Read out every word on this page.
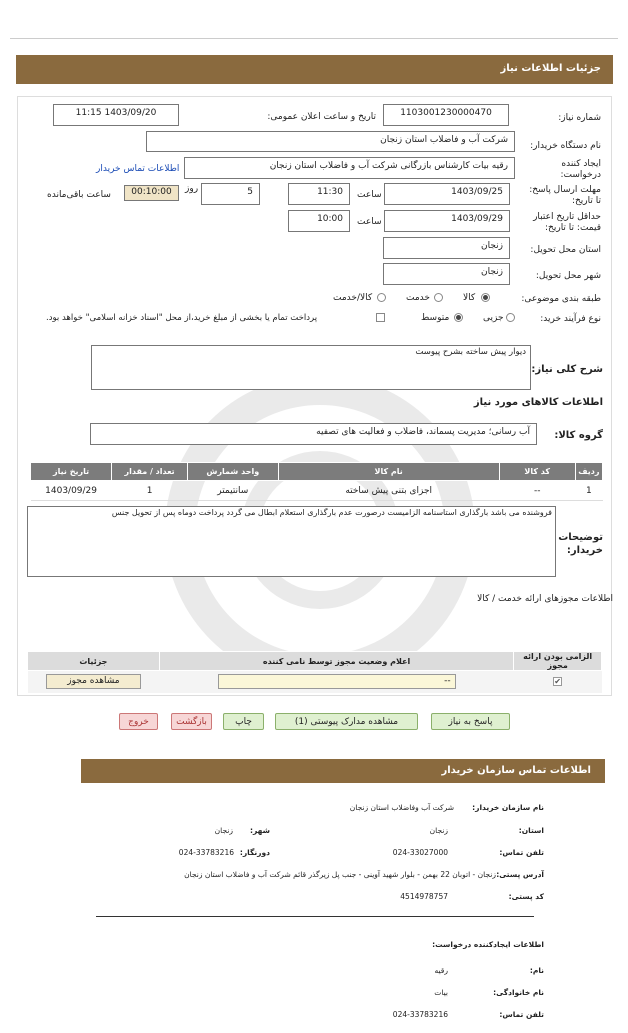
جزئیات اطلاعات نیاز
شماره نیاز:
1103001230000470
تاریخ و ساعت اعلان عمومی:
1403/09/20 11:15
نام دستگاه خریدار:
شرکت آب و فاضلاب استان زنجان
ایجاد کننده
درخواست:
رقیه بیات کارشناس بازرگانی شرکت آب و فاضلاب استان زنجان
اطلاعات تماس خریدار
مهلت ارسال پاسخ:
تا تاریخ:
1403/09/25
ساعت
11:30
5
روز
00:10:00
ساعت باقی‌مانده
حداقل تاریخ اعتبار
قیمت: تا تاریخ:
1403/09/29
ساعت
10:00
استان محل تحویل:
زنجان
شهر محل تحویل:
زنجان
طبقه بندی موضوعی:
کالا
خدمت
کالا/خدمت
نوع فرآیند خرید:
جزیی
متوسط
پرداخت تمام یا بخشی از مبلغ خرید،از محل "اسناد خزانه اسلامی" خواهد بود.
شرح کلی نیاز:
دیوار پیش ساخته بشرح پیوست
اطلاعات کالاهای مورد نیاز
گروه کالا:
آب رسانی؛ مدیریت پسماند، فاضلاب و فعالیت های تصفیه
ردیف	کد کالا	نام کالا	واحد شمارش	تعداد / مقدار	تاریخ نیاز
1	--	اجزای بتنی پیش ساخته	سانتیمتر	1	1403/09/29
توضیحات
خریدار:
فروشنده می باشد بارگذاری استاسنامه الزامیست درصورت عدم بارگذاری استعلام ابطال می گردد پرداخت دوماه پس از تحویل جنس
اطلاعات مجوزهای ارائه خدمت / کالا
الزامی بودن ارائه مجوز	اعلام وضعیت مجوز توسط نامی کننده	جزئیات
✔	--	مشاهده مجوز
پاسخ به نیاز
مشاهده مدارک پیوستی (1)
چاپ
بازگشت
خروج
اطلاعات تماس سازمان خریدار
نام سازمان خریدار:
شرکت آب وفاضلاب استان زنجان
استان:
زنجان
شهر:
زنجان
تلفن تماس:
024-33027000
دورنگار:
024-33783216
آدرس پستی:
زنجان - اتوبان 22 بهمن - بلوار شهید آوینی - جنب پل زیرگذر قائم شرکت آب و فاضلاب استان زنجان
کد پستی:
4514978757
اطلاعات ایجادکننده درخواست:
نام:
رقیه
نام خانوادگی:
بیات
تلفن تماس:
024-33783216
